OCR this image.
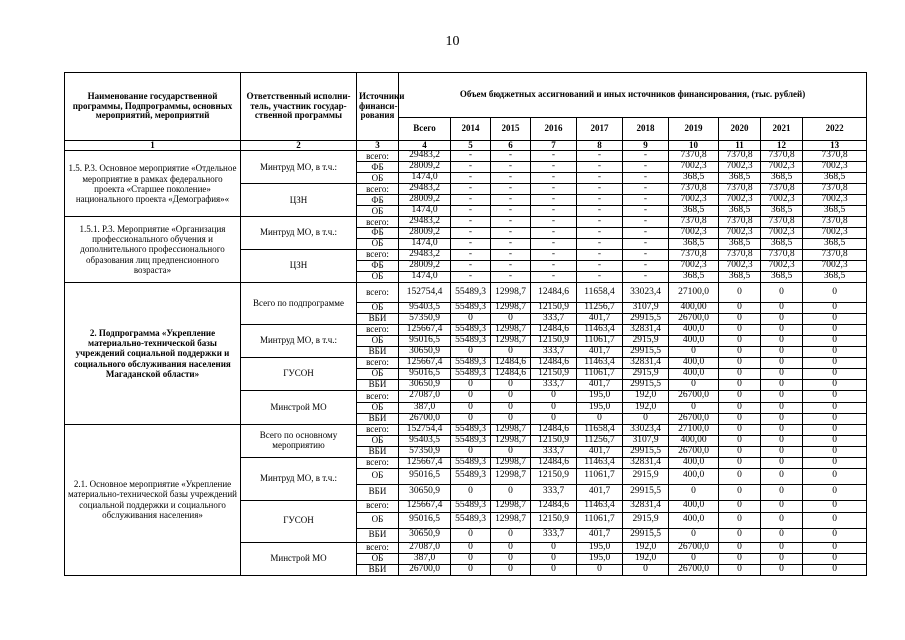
10
Наименование государственной программы, Подпрограммы, основных мероприятий, мероприятий	Ответственный исполни-тель, участник государ-ственной программы	Источники финанси-рования	Объем бюджетных ассигнований и иных источников финансирования, (тыс. рублей)									
			Всего	2014	2015	2016	2017	2018	2019	2020	2021	2022
1	2	3	4	5	6	7	8	9	10	11	12	13
1.5. Р.3. Основное мероприятие «Отдельное мероприятие в рамках федерального проекта «Старшее поколение» национального проекта «Демография»«	Минтруд МО, в т.ч.:	всего:	29483,2	-	-	-	-	-	7370,8	7370,8	7370,8	7370,8
		ФБ	28009,2	-	-	-	-	-	7002,3	7002,3	7002,3	7002,3
		ОБ	1474,0	-	-	-	-	-	368,5	368,5	368,5	368,5
	ЦЗН	всего:	29483,2	-	-	-	-	-	7370,8	7370,8	7370,8	7370,8
		ФБ	28009,2	-	-	-	-	-	7002,3	7002,3	7002,3	7002,3
		ОБ	1474,0	-	-	-	-	-	368,5	368,5	368,5	368,5
1.5.1. Р.3. Мероприятие «Организация профессионального обучения и дополнительного профессионального образования лиц предпенсионного возраста»	Минтруд МО, в т.ч.:	всего:	29483,2	-	-	-	-	-	7370,8	7370,8	7370,8	7370,8
		ФБ	28009,2	-	-	-	-	-	7002,3	7002,3	7002,3	7002,3
		ОБ	1474,0	-	-	-	-	-	368,5	368,5	368,5	368,5
	ЦЗН	всего:	29483,2	-	-	-	-	-	7370,8	7370,8	7370,8	7370,8
		ФБ	28009,2	-	-	-	-	-	7002,3	7002,3	7002,3	7002,3
		ОБ	1474,0	-	-	-	-	-	368,5	368,5	368,5	368,5
2. Подпрограмма «Укрепление материально-технической базы учреждений социальной поддержки и социального обслуживания населения Магаданской области»	Всего по подпрограмме	всего:	152754,4	55489,3	12998,7	12484,6	11658,4	33023,4	27100,0	0	0	0
		ОБ	95403,5	55489,3	12998,7	12150,9	11256,7	3107,9	400,00	0	0	0
		ВБИ	57350,9	0	0	333,7	401,7	29915,5	26700,0	0	0	0
	Минтруд МО, в т.ч.:	всего:	125667,4	55489,3	12998,7	12484,6	11463,4	32831,4	400,0	0	0	0
		ОБ	95016,5	55489,3	12998,7	12150,9	11061,7	2915,9	400,0	0	0	0
		ВБИ	30650,9	0	0	333,7	401,7	29915,5	0	0	0	0
	ГУСОН	всего:	125667,4	55489,3	12484,6	12484,6	11463,4	32831,4	400,0	0	0	0
		ОБ	95016,5	55489,3	12484,6	12150,9	11061,7	2915,9	400,0	0	0	0
		ВБИ	30650,9	0	0	333,7	401,7	29915,5	0	0	0	0
	Минстрой МО	всего:	27087,0	0	0	0	195,0	192,0	26700,0	0	0	0
		ОБ	387,0	0	0	0	195,0	192,0	0	0	0	0
		ВБИ	26700,0	0	0	0	0	0	26700,0	0	0	0
2.1. Основное мероприятие «Укрепление материально-технической базы учреждений социальной поддержки и социального обслуживания населения»	Всего по основному мероприятию	всего:	152754,4	55489,3	12998,7	12484,6	11658,4	33023,4	27100,0	0	0	0
		ОБ	95403,5	55489,3	12998,7	12150,9	11256,7	3107,9	400,00	0	0	0
		ВБИ	57350,9	0	0	333,7	401,7	29915,5	26700,0	0	0	0
	Минтруд МО, в т.ч.:	всего:	125667,4	55489,3	12998,7	12484,6	11463,4	32831,4	400,0	0	0	0
		ОБ	95016,5	55489,3	12998,7	12150,9	11061,7	2915,9	400,0	0	0	0
		ВБИ	30650,9	0	0	333,7	401,7	29915,5	0	0	0	0
	ГУСОН	всего:	125667,4	55489,3	12998,7	12484,6	11463,4	32831,4	400,0	0	0	0
		ОБ	95016,5	55489,3	12998,7	12150,9	11061,7	2915,9	400,0	0	0	0
		ВБИ	30650,9	0	0	333,7	401,7	29915,5	0	0	0	0
	Минстрой МО	всего:	27087,0	0	0	0	195,0	192,0	26700,0	0	0	0
		ОБ	387,0	0	0	0	195,0	192,0	0	0	0	0
		ВБИ	26700,0	0	0	0	0	0	26700,0	0	0	0
